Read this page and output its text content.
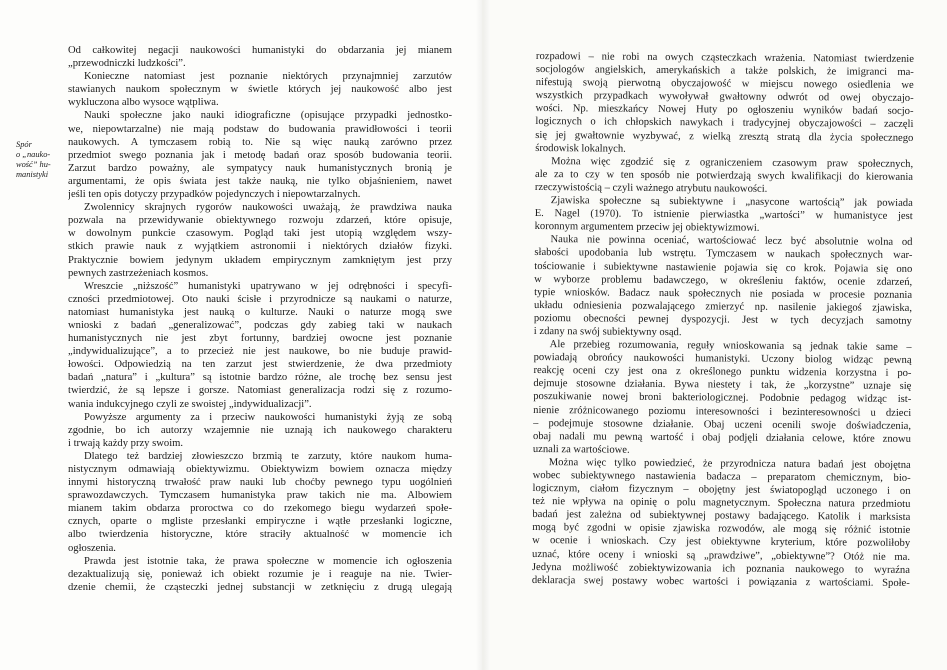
Spór
o „nauko-
wość” hu-
manistyki
Od całkowitej negacji naukowości humanistyki do obdarzania jej mianem
„przewodniczki ludzkości”.
Konieczne natomiast jest poznanie niektórych przynajmniej zarzutów
stawianych naukom społecznym w świetle których jej naukowość albo jest
wykluczona albo wysoce wątpliwa.
Nauki społeczne jako nauki idiograficzne (opisujące przypadki jednostko-
we, niepowtarzalne) nie mają podstaw do budowania prawidłowości i teorii
naukowych. A tymczasem robią to. Nie są więc nauką zarówno przez
przedmiot swego poznania jak i metodę badań oraz sposób budowania teorii.
Zarzut bardzo poważny, ale sympatycy nauk humanistycznych bronią je
argumentami, że opis świata jest także nauką, nie tylko objaśnieniem, nawet
jeśli ten opis dotyczy przypadków pojedynczych i niepowtarzalnych.
Zwolennicy skrajnych rygorów naukowości uważają, że prawdziwa nauka
pozwala na przewidywanie obiektywnego rozwoju zdarzeń, które opisuje,
w dowolnym punkcie czasowym. Pogląd taki jest utopią względem wszy-
stkich prawie nauk z wyjątkiem astronomii i niektórych działów fizyki.
Praktycznie bowiem jedynym układem empirycznym zamkniętym jest przy
pewnych zastrzeżeniach kosmos.
Wreszcie „niższość” humanistyki upatrywano w jej odrębności i specyfi-
czności przedmiotowej. Oto nauki ścisłe i przyrodnicze są naukami o naturze,
natomiast humanistyka jest nauką o kulturze. Nauki o naturze mogą swe
wnioski z badań „generalizować”, podczas gdy zabieg taki w naukach
humanistycznych nie jest zbyt fortunny, bardziej owocne jest poznanie
„indywidualizujące”, a to przecież nie jest naukowe, bo nie buduje prawid-
łowości. Odpowiedzią na ten zarzut jest stwierdzenie, że dwa przedmioty
badań „natura” i „kultura” są istotnie bardzo różne, ale trochę bez sensu jest
twierdzić, że są lepsze i gorsze. Natomiast generalizacja rodzi się z rozumo-
wania indukcyjnego czyli ze swoistej „indywidualizacji”.
Powyższe argumenty za i przeciw naukowości humanistyki żyją ze sobą
zgodnie, bo ich autorzy wzajemnie nie uznają ich naukowego charakteru
i trwają każdy przy swoim.
Dlatego też bardziej złowieszczo brzmią te zarzuty, które naukom huma-
nistycznym odmawiają obiektywizmu. Obiektywizm bowiem oznacza między
innymi historyczną trwałość praw nauki lub choćby pewnego typu uogólnień
sprawozdawczych. Tymczasem humanistyka praw takich nie ma. Albowiem
mianem takim obdarza proroctwa co do rzekomego biegu wydarzeń społe-
cznych, oparte o mgliste przesłanki empiryczne i wątłe przesłanki logiczne,
albo twierdzenia historyczne, które straciły aktualność w momencie ich
ogłoszenia.
Prawda jest istotnie taka, że prawa społeczne w momencie ich ogłoszenia
dezaktualizują się, ponieważ ich obiekt rozumie je i reaguje na nie. Twier-
dzenie chemii, że cząsteczki jednej substancji w zetknięciu z drugą ulegają
rozpadowi – nie robi na owych cząsteczkach wrażenia. Natomiast twierdzenie
socjologów angielskich, amerykańskich a także polskich, że imigranci ma-
nifestują swoją pierwotną obyczajowość w miejscu nowego osiedlenia we
wszystkich przypadkach wywoływał gwałtowny odwrót od owej obyczajo-
wości. Np. mieszkańcy Nowej Huty po ogłoszeniu wyników badań socjo-
logicznych o ich chłopskich nawykach i tradycyjnej obyczajowości – zaczęli
się jej gwałtownie wyzbywać, z wielką zresztą stratą dla życia społecznego
środowisk lokalnych.
Można więc zgodzić się z ograniczeniem czasowym praw społecznych,
ale za to czy w ten sposób nie potwierdzają swych kwalifikacji do kierowania
rzeczywistością – czyli ważnego atrybutu naukowości.
Zjawiska społeczne są subiektywne i „nasycone wartością” jak powiada
E. Nagel (1970). To istnienie pierwiastka „wartości” w humanistyce jest
koronnym argumentem przeciw jej obiektywizmowi.
Nauka nie powinna oceniać, wartościować lecz być absolutnie wolna od
słabości upodobania lub wstrętu. Tymczasem w naukach społecznych war-
tościowanie i subiektywne nastawienie pojawia się co krok. Pojawia się ono
w wyborze problemu badawczego, w określeniu faktów, ocenie zdarzeń,
typie wniosków. Badacz nauk społecznych nie posiada w procesie poznania
układu odniesienia pozwalającego zmierzyć np. nasilenie jakiegoś zjawiska,
poziomu obecności pewnej dyspozycji. Jest w tych decyzjach samotny
i zdany na swój subiektywny osąd.
Ale przebieg rozumowania, reguły wnioskowania są jednak takie same –
powiadają obrońcy naukowości humanistyki. Uczony biolog widząc pewną
reakcję oceni czy jest ona z określonego punktu widzenia korzystna i po-
dejmuje stosowne działania. Bywa niestety i tak, że „korzystne” uznaje się
poszukiwanie nowej broni bakteriologicznej. Podobnie pedagog widząc ist-
nienie zróżnicowanego poziomu interesowności i bezinteresowności u dzieci
– podejmuje stosowne działanie. Obaj uczeni ocenili swoje doświadczenia,
obaj nadali mu pewną wartość i obaj podjęli działania celowe, które znowu
uznali za wartościowe.
Można więc tylko powiedzieć, że przyrodnicza natura badań jest obojętna
wobec subiektywnego nastawienia badacza – preparatom chemicznym, bio-
logicznym, ciałom fizycznym – obojętny jest światopogląd uczonego i on
też nie wpływa na opinię o polu magnetycznym. Społeczna natura przedmiotu
badań jest zależna od subiektywnej postawy badającego. Katolik i marksista
mogą być zgodni w opisie zjawiska rozwodów, ale mogą się różnić istotnie
w ocenie i wnioskach. Czy jest obiektywne kryterium, które pozwoliłoby
uznać, które oceny i wnioski są „prawdziwe”, „obiektywne”? Otóż nie ma.
Jedyna możliwość zobiektywizowania ich poznania naukowego to wyraźna
deklaracja swej postawy wobec wartości i powiązania z wartościami. Społe-
